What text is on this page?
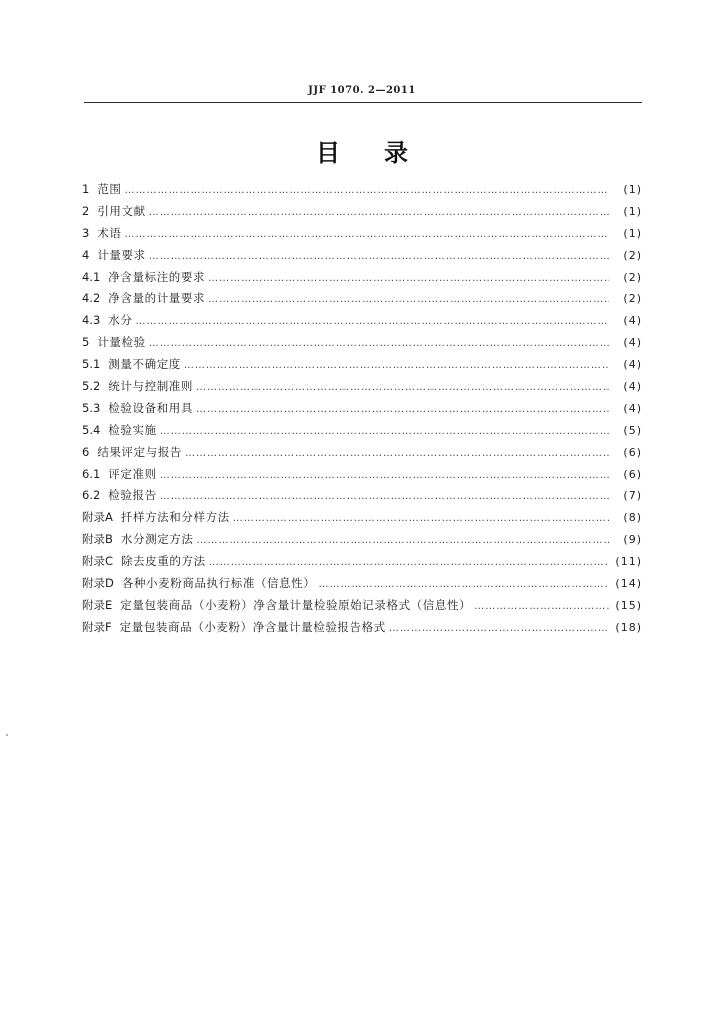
JJF 1070. 2—2011
目录
1 范围 …………………………………………………………………………………………………………………………………………………………………	(1)
2 引用文献 …………………………………………………………………………………………………………………………………………………………………	(1)
3 术语 …………………………………………………………………………………………………………………………………………………………………	(1)
4 计量要求 …………………………………………………………………………………………………………………………………………………………………	(2)
4.1 净含量标注的要求 …………………………………………………………………………………………………………………………………………………………………	(2)
4.2 净含量的计量要求 …………………………………………………………………………………………………………………………………………………………………	(2)
4.3 水分 …………………………………………………………………………………………………………………………………………………………………	(4)
5 计量检验 …………………………………………………………………………………………………………………………………………………………………	(4)
5.1 测量不确定度 …………………………………………………………………………………………………………………………………………………………………	(4)
5.2 统计与控制准则 …………………………………………………………………………………………………………………………………………………………………	(4)
5.3 检验设备和用具 …………………………………………………………………………………………………………………………………………………………………	(4)
5.4 检验实施 …………………………………………………………………………………………………………………………………………………………………	(5)
6 结果评定与报告 …………………………………………………………………………………………………………………………………………………………………	(6)
6.1 评定准则 …………………………………………………………………………………………………………………………………………………………………	(6)
6.2 检验报告 …………………………………………………………………………………………………………………………………………………………………	(7)
附录A 扦样方法和分样方法 …………………………………………………………………………………………………………………………………………………………………	(8)
附录B 水分测定方法 …………………………………………………………………………………………………………………………………………………………………	(9)
附录C 除去皮重的方法 …………………………………………………………………………………………………………………………………………………………………	(11)
附录D 各种小麦粉商品执行标准（信息性） …………………………………………………………………………………………………………………………………………………………………	(14)
附录E 定量包装商品（小麦粉）净含量计量检验原始记录格式（信息性） …………………………………………………………………………………………………………………………………………………………………	(15)
附录F 定量包装商品（小麦粉）净含量计量检验报告格式 …………………………………………………………………………………………………………………………………………………………………	(18)
